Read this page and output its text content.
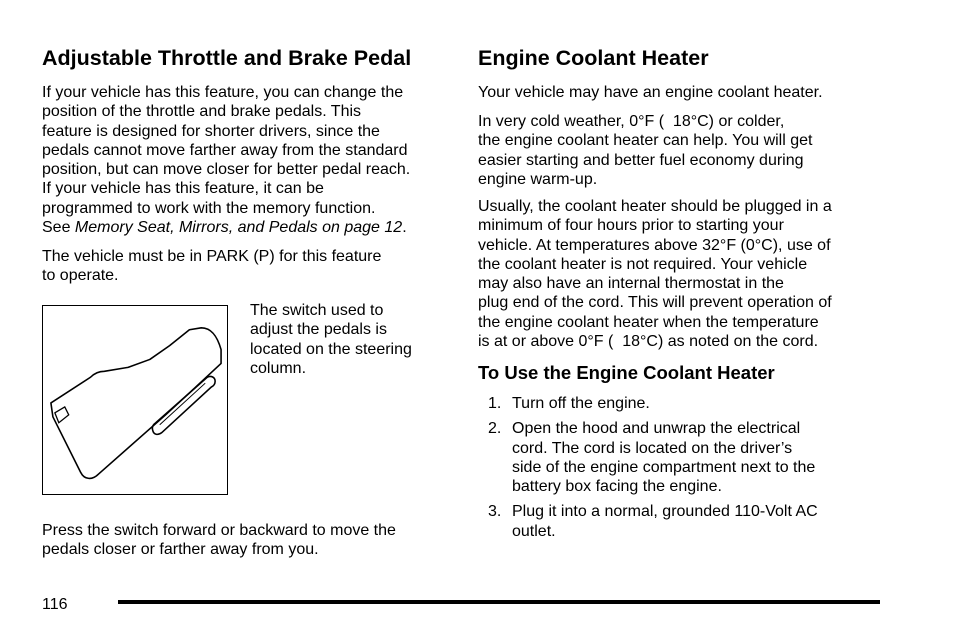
Adjustable Throttle and Brake Pedal

If your vehicle has this feature, you can change the
position of the throttle and brake pedals. This
feature is designed for shorter drivers, since the
pedals cannot move farther away from the standard
position, but can move closer for better pedal reach.
If your vehicle has this feature, it can be
programmed to work with the memory function.
See Memory Seat, Mirrors, and Pedals on page 12.

The vehicle must be in PARK (P) for this feature
to operate.

The switch used to
adjust the pedals is
located on the steering
column.

Press the switch forward or backward to move the
pedals closer or farther away from you.

Engine Coolant Heater

Your vehicle may have an engine coolant heater.

In very cold weather, 0°F (  18°C) or colder,
the engine coolant heater can help. You will get
easier starting and better fuel economy during
engine warm-up.

Usually, the coolant heater should be plugged in a
minimum of four hours prior to starting your
vehicle. At temperatures above 32°F (0°C), use of
the coolant heater is not required. Your vehicle
may also have an internal thermostat in the
plug end of the cord. This will prevent operation of
the engine coolant heater when the temperature
is at or above 0°F (  18°C) as noted on the cord.

To Use the Engine Coolant Heater
1. Turn off the engine.
2. Open the hood and unwrap the electrical
cord. The cord is located on the driver’s
side of the engine compartment next to the
battery box facing the engine.
3. Plug it into a normal, grounded 110-Volt AC
outlet.
116
